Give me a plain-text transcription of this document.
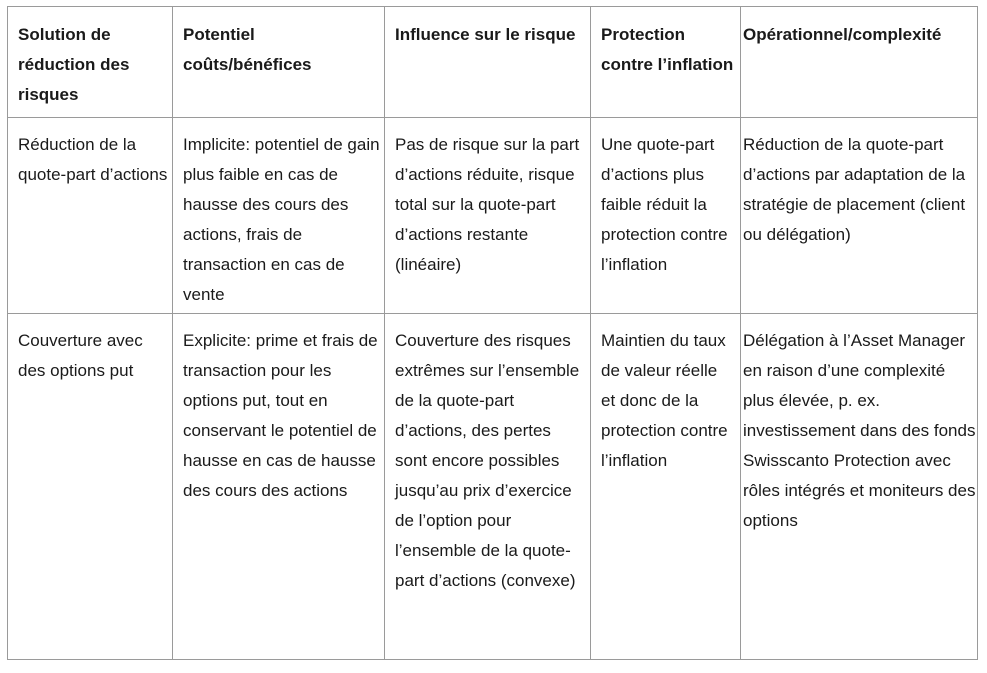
Solution de réduction des risques	Potentiel coûts/bénéfices	Influence sur le risque	Protection contre l’inflation	Opérationnel/complexité
Réduction de la quote-part d’actions	Implicite: potentiel de gain plus faible en cas de hausse des cours des actions, frais de transaction en cas de vente	Pas de risque sur la part d’actions réduite, risque total sur la quote-part d’actions restante (linéaire)	Une quote-part d’actions plus faible réduit la protection contre l’inflation	Réduction de la quote-part d’actions par adaptation de la stratégie de placement (client ou délégation)
Couverture avec des options put	Explicite: prime et frais de transaction pour les options put, tout en conservant le potentiel de hausse en cas de hausse des cours des actions	Couverture des risques extrêmes sur l’ensemble de la quote-part d’actions, des pertes sont encore possibles jusqu’au prix d’exercice de l’option pour l’ensemble de la quote-part d’actions (convexe)	Maintien du taux de valeur réelle et donc de la protection contre l’inflation	Délégation à l’Asset Manager en raison d’une complexité plus élevée, p. ex. investissement dans des fonds Swisscanto Protection avec rôles intégrés et moniteurs des options
